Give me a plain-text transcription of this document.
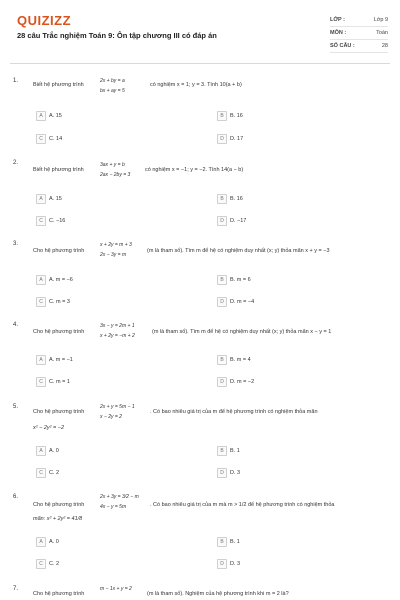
QUIZIZZ
28 câu Trắc nghiệm Toán 9: Ôn tập chương III có đáp án
LỚP :	Lớp 9
MÔN :	Toán
SỐ CÂU :	28
1.
Biết hệ phương trình
2x + by = a
bx + ay = 5
có nghiệm x = 1; y = 3. Tính 10(a + b)
A A. 15	B B. 16
C C. 14	D D. 17
2.
Biết hệ phương trình
3ax + y = b
2ax − 2by = 3
có nghiệm x = −1; y = −2. Tính 14(a − b)
A A. 15	B B. 16
C C. −16	D D. −17
3.
Cho hệ phương trình
x + 2y = m + 3
2x − 3y = m
(m là tham số). Tìm m để hệ có nghiệm duy nhất (x; y) thỏa mãn x + y = −3
A A. m = −6	B B. m = 6
C C. m = 3	D D. m = −4
4.
Cho hệ phương trình
3x − y = 2m + 1
x + 2y = −m + 2
(m là tham số). Tìm m để hệ có nghiệm duy nhất (x; y) thỏa mãn x − y = 1
A A. m = −1	B B. m = 4
C C. m = 1	D D. m = −2
5.
Cho hệ phương trình
2x + y = 5m − 1
x − 2y = 2
. Có bao nhiêu giá trị của m để hệ phương trình có nghiệm thỏa mãn
x² − 2y² = −2
A A. 0	B B. 1
C C. 2	D D. 3
6.
Cho hệ phương trình
2x + 3y = 3/2 − m
4x − y = 5m	. Có bao nhiêu giá trị của m mà m > 1/2 để hệ phương trình có nghiệm thỏa
mãn: x² + 2y² = 41/8
A A. 0	B B. 1
C C. 2	D D. 3
7.
Cho hệ phương trình
m − 1x + y = 2
(m là tham số). Nghiệm của hệ phương trình khi m = 2 là?
